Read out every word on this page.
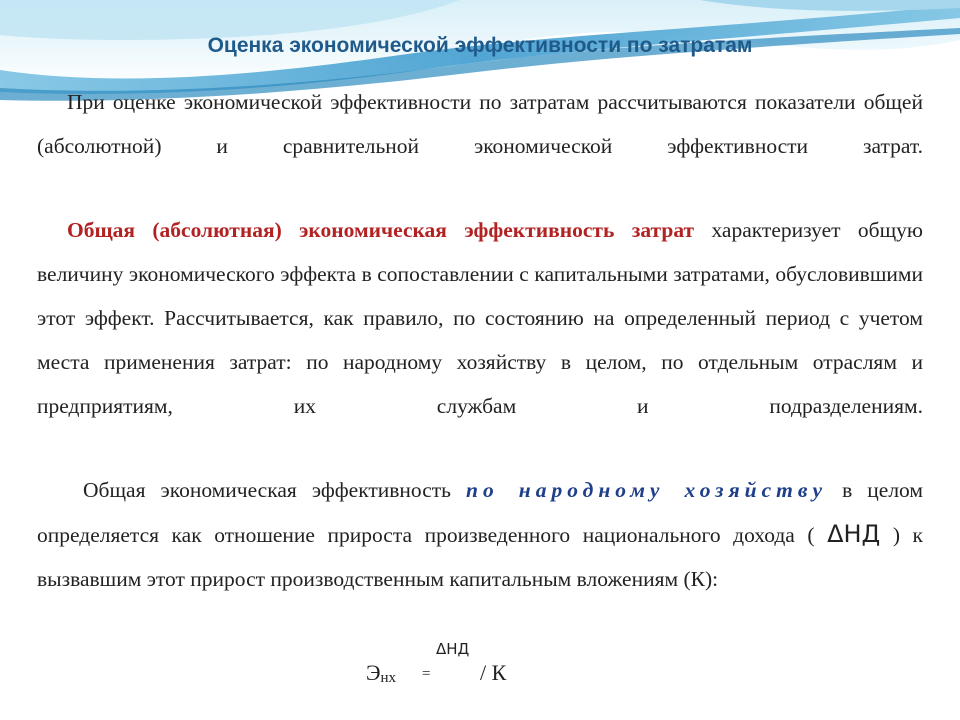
Оценка экономической эффективности по затратам
При оценке экономической эффективности по затратам рассчитываются показатели общей (абсолютной) и сравнительной экономической эффективности затрат.
Общая (абсолютная) экономическая эффективность затрат характеризует общую величину экономического эффекта в сопоставлении с капитальными затратами, обусловившими этот эффект. Рассчитывается, как правило, по состоянию на определенный период с учетом места применения затрат: по народному хозяйству в целом, по отдельным отраслям и предприятиям, их службам и подразделениям.
Общая экономическая эффективность по народному хозяйству в целом определяется как отношение прироста произведенного национального дохода ( ΔНД ) к вызвавшим этот прирост производственным капитальным вложениям (К):
$Э_{нх}$ =
ΔНД
/ К
